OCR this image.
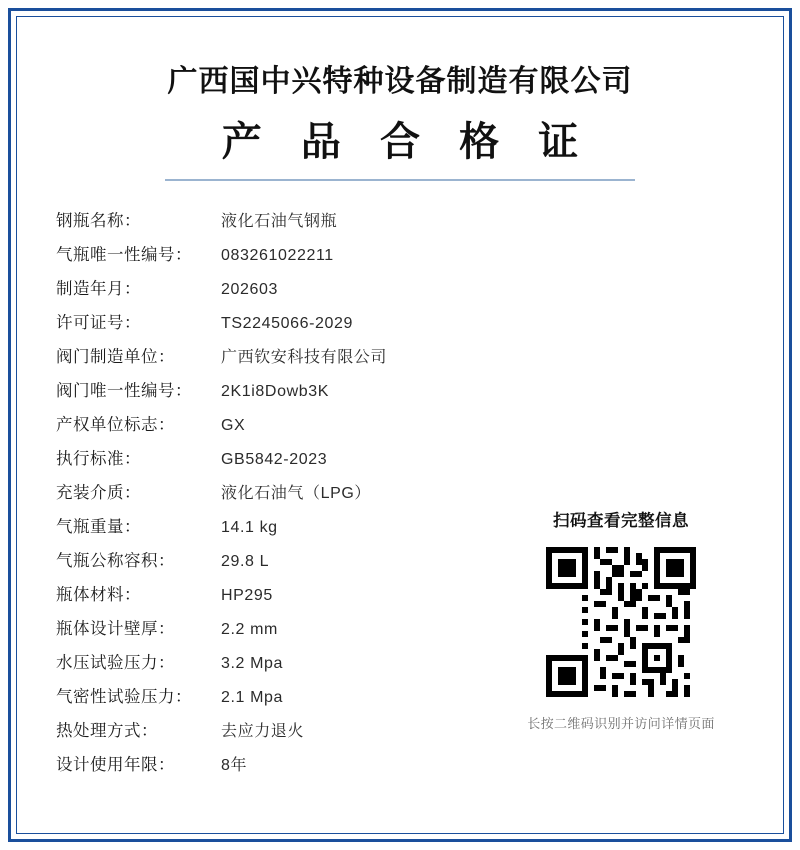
广西国中兴特种设备制造有限公司
产 品 合 格 证
钢瓶名称：	液化石油气钢瓶
气瓶唯一性编号：	083261022211
制造年月：	202603
许可证号：	TS2245066-2029
阀门制造单位：	广西钦安科技有限公司
阀门唯一性编号：	2K1i8Dowb3K
产权单位标志：	GX
执行标准：	GB5842-2023
充装介质：	液化石油气（LPG）
气瓶重量：	14.1 kg
气瓶公称容积：	29.8 L
瓶体材料：	HP295
瓶体设计壁厚：	2.2 mm
水压试验压力：	3.2 Mpa
气密性试验压力：	2.1 Mpa
热处理方式：	去应力退火
设计使用年限：	8年
扫码查看完整信息
长按二维码识别并访问详情页面
